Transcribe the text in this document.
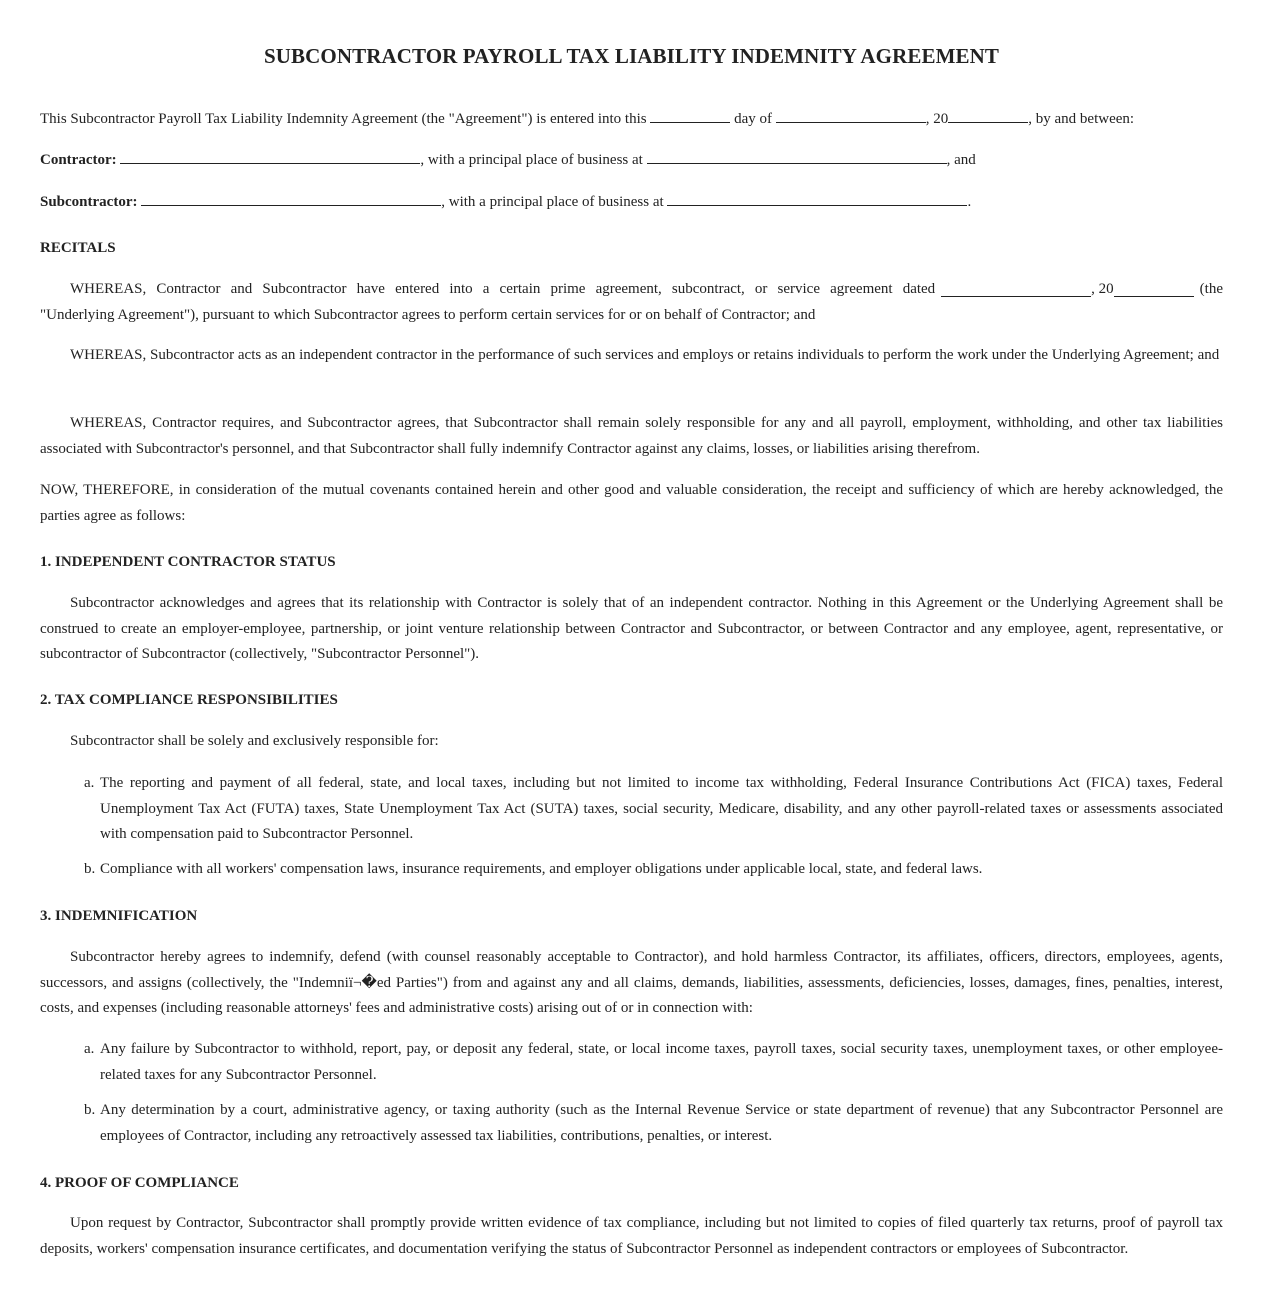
SUBCONTRACTOR PAYROLL TAX LIABILITY INDEMNITY AGREEMENT
This Subcontractor Payroll Tax Liability Indemnity Agreement (the "Agreement") is entered into this	day of	, 20	, by and between:
Contractor:	, with a principal place of business at	, and
Subcontractor:	, with a principal place of business at	.
RECITALS
WHEREAS, Contractor and Subcontractor have entered into a certain prime agreement, subcontract, or service agreement dated	, 20	(the
"Underlying Agreement"), pursuant to which Subcontractor agrees to perform certain services for or on behalf of Contractor; and
WHEREAS, Subcontractor acts as an independent contractor in the performance of such services and employs or retains individuals to perform the work under the Underlying Agreement; and
WHEREAS, Contractor requires, and Subcontractor agrees, that Subcontractor shall remain solely responsible for any and all payroll, employment, withholding, and other tax liabilities associated with Subcontractor's personnel, and that Subcontractor shall fully indemnify Contractor against any claims, losses, or liabilities arising therefrom.
NOW, THEREFORE, in consideration of the mutual covenants contained herein and other good and valuable consideration, the receipt and sufficiency of which are hereby acknowledged, the parties agree as follows:
1. INDEPENDENT CONTRACTOR STATUS
Subcontractor acknowledges and agrees that its relationship with Contractor is solely that of an independent contractor. Nothing in this Agreement or the Underlying Agreement shall be construed to create an employer-employee, partnership, or joint venture relationship between Contractor and Subcontractor, or between Contractor and any employee, agent, representative, or subcontractor of Subcontractor (collectively, "Subcontractor Personnel").
2. TAX COMPLIANCE RESPONSIBILITIES
Subcontractor shall be solely and exclusively responsible for:
a. The reporting and payment of all federal, state, and local taxes, including but not limited to income tax withholding, Federal Insurance Contributions Act (FICA) taxes, Federal Unemployment Tax Act (FUTA) taxes, State Unemployment Tax Act (SUTA) taxes, social security, Medicare, disability, and any other payroll-related taxes or assessments associated with compensation paid to Subcontractor Personnel.
b. Compliance with all workers' compensation laws, insurance requirements, and employer obligations under applicable local, state, and federal laws.
3. INDEMNIFICATION
Subcontractor hereby agrees to indemnify, defend (with counsel reasonably acceptable to Contractor), and hold harmless Contractor, its affiliates, officers, directors, employees, agents, successors, and assigns (collectively, the "Indemniï¬�ed Parties") from and against any and all claims, demands, liabilities, assessments, deficiencies, losses, damages, fines, penalties, interest, costs, and expenses (including reasonable attorneys' fees and administrative costs) arising out of or in connection with:
a. Any failure by Subcontractor to withhold, report, pay, or deposit any federal, state, or local income taxes, payroll taxes, social security taxes, unemployment taxes, or other employee-related taxes for any Subcontractor Personnel.
b. Any determination by a court, administrative agency, or taxing authority (such as the Internal Revenue Service or state department of revenue) that any Subcontractor Personnel are employees of Contractor, including any retroactively assessed tax liabilities, contributions, penalties, or interest.
4. PROOF OF COMPLIANCE
Upon request by Contractor, Subcontractor shall promptly provide written evidence of tax compliance, including but not limited to copies of filed quarterly tax returns, proof of payroll tax deposits, workers' compensation insurance certificates, and documentation verifying the status of Subcontractor Personnel as independent contractors or employees of Subcontractor.
